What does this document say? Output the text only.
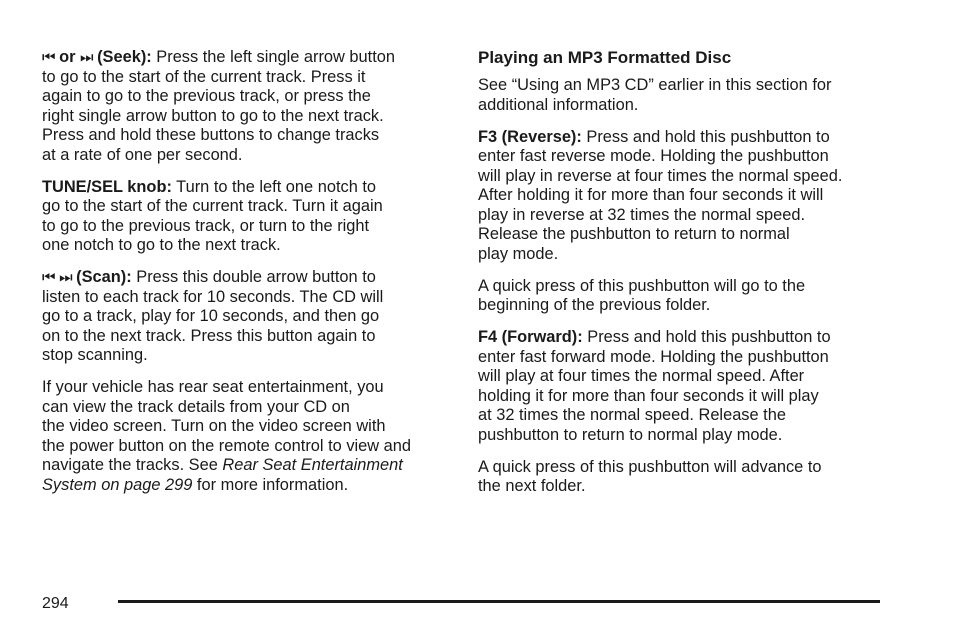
⏮ or ⏭ (Seek): Press the left single arrow button
to go to the start of the current track. Press it
again to go to the previous track, or press the
right single arrow button to go to the next track.
Press and hold these buttons to change tracks
at a rate of one per second.

TUNE/SEL knob: Turn to the left one notch to
go to the start of the current track. Turn it again
to go to the previous track, or turn to the right
one notch to go to the next track.

⏮ ⏭ (Scan): Press this double arrow button to
listen to each track for 10 seconds. The CD will
go to a track, play for 10 seconds, and then go
on to the next track. Press this button again to
stop scanning.

If your vehicle has rear seat entertainment, you
can view the track details from your CD on
the video screen. Turn on the video screen with
the power button on the remote control to view and
navigate the tracks. See Rear Seat Entertainment
System on page 299 for more information.

Playing an MP3 Formatted Disc

See “Using an MP3 CD” earlier in this section for
additional information.

F3 (Reverse): Press and hold this pushbutton to
enter fast reverse mode. Holding the pushbutton
will play in reverse at four times the normal speed.
After holding it for more than four seconds it will
play in reverse at 32 times the normal speed.
Release the pushbutton to return to normal
play mode.

A quick press of this pushbutton will go to the
beginning of the previous folder.

F4 (Forward): Press and hold this pushbutton to
enter fast forward mode. Holding the pushbutton
will play at four times the normal speed. After
holding it for more than four seconds it will play
at 32 times the normal speed. Release the
pushbutton to return to normal play mode.

A quick press of this pushbutton will advance to
the next folder.

294
